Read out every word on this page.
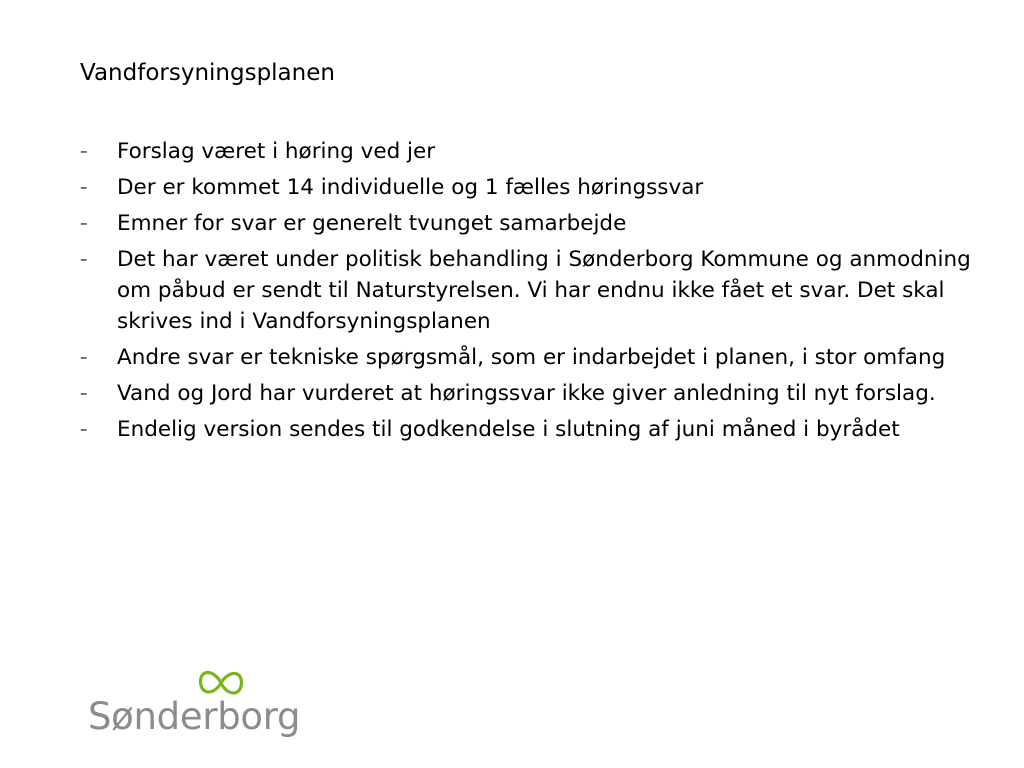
Vandforsyningsplanen
–	Forslag været i høring ved jer
–	Der er kommet 14 individuelle og 1 fælles høringssvar
–	Emner for svar er generelt tvunget samarbejde
–	Det har været under politisk behandling i Sønderborg Kommune og anmodning om påbud er sendt til Naturstyrelsen. Vi har endnu ikke fået et svar. Det skal skrives ind i Vandforsyningsplanen
–	Andre svar er tekniske spørgsmål, som er indarbejdet i planen, i stor omfang
–	Vand og Jord har vurderet at høringssvar ikke giver anledning til nyt forslag.
–	Endelig version sendes til godkendelse i slutning af juni måned i byrådet
Sønderborg
